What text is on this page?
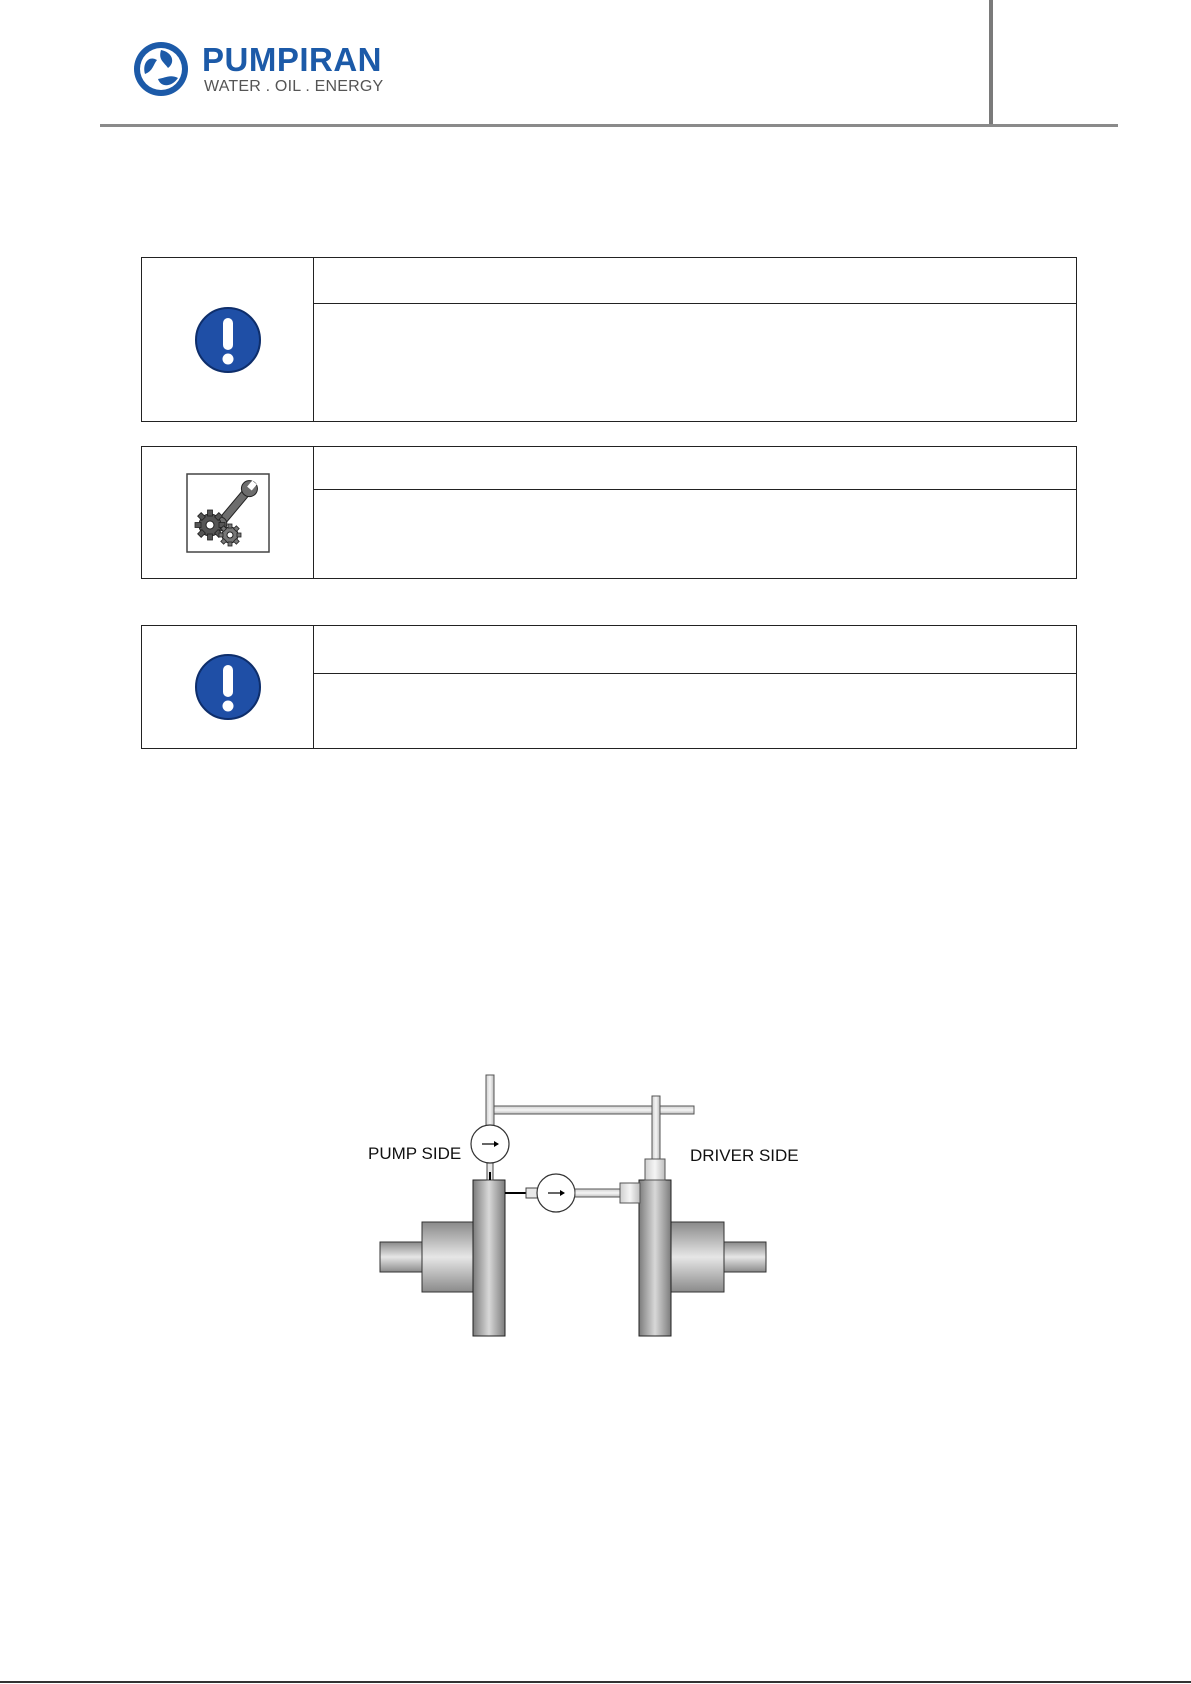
PUMPIRAN
WATER . OIL . ENERGY
PUMP SIDE	DRIVER SIDE
